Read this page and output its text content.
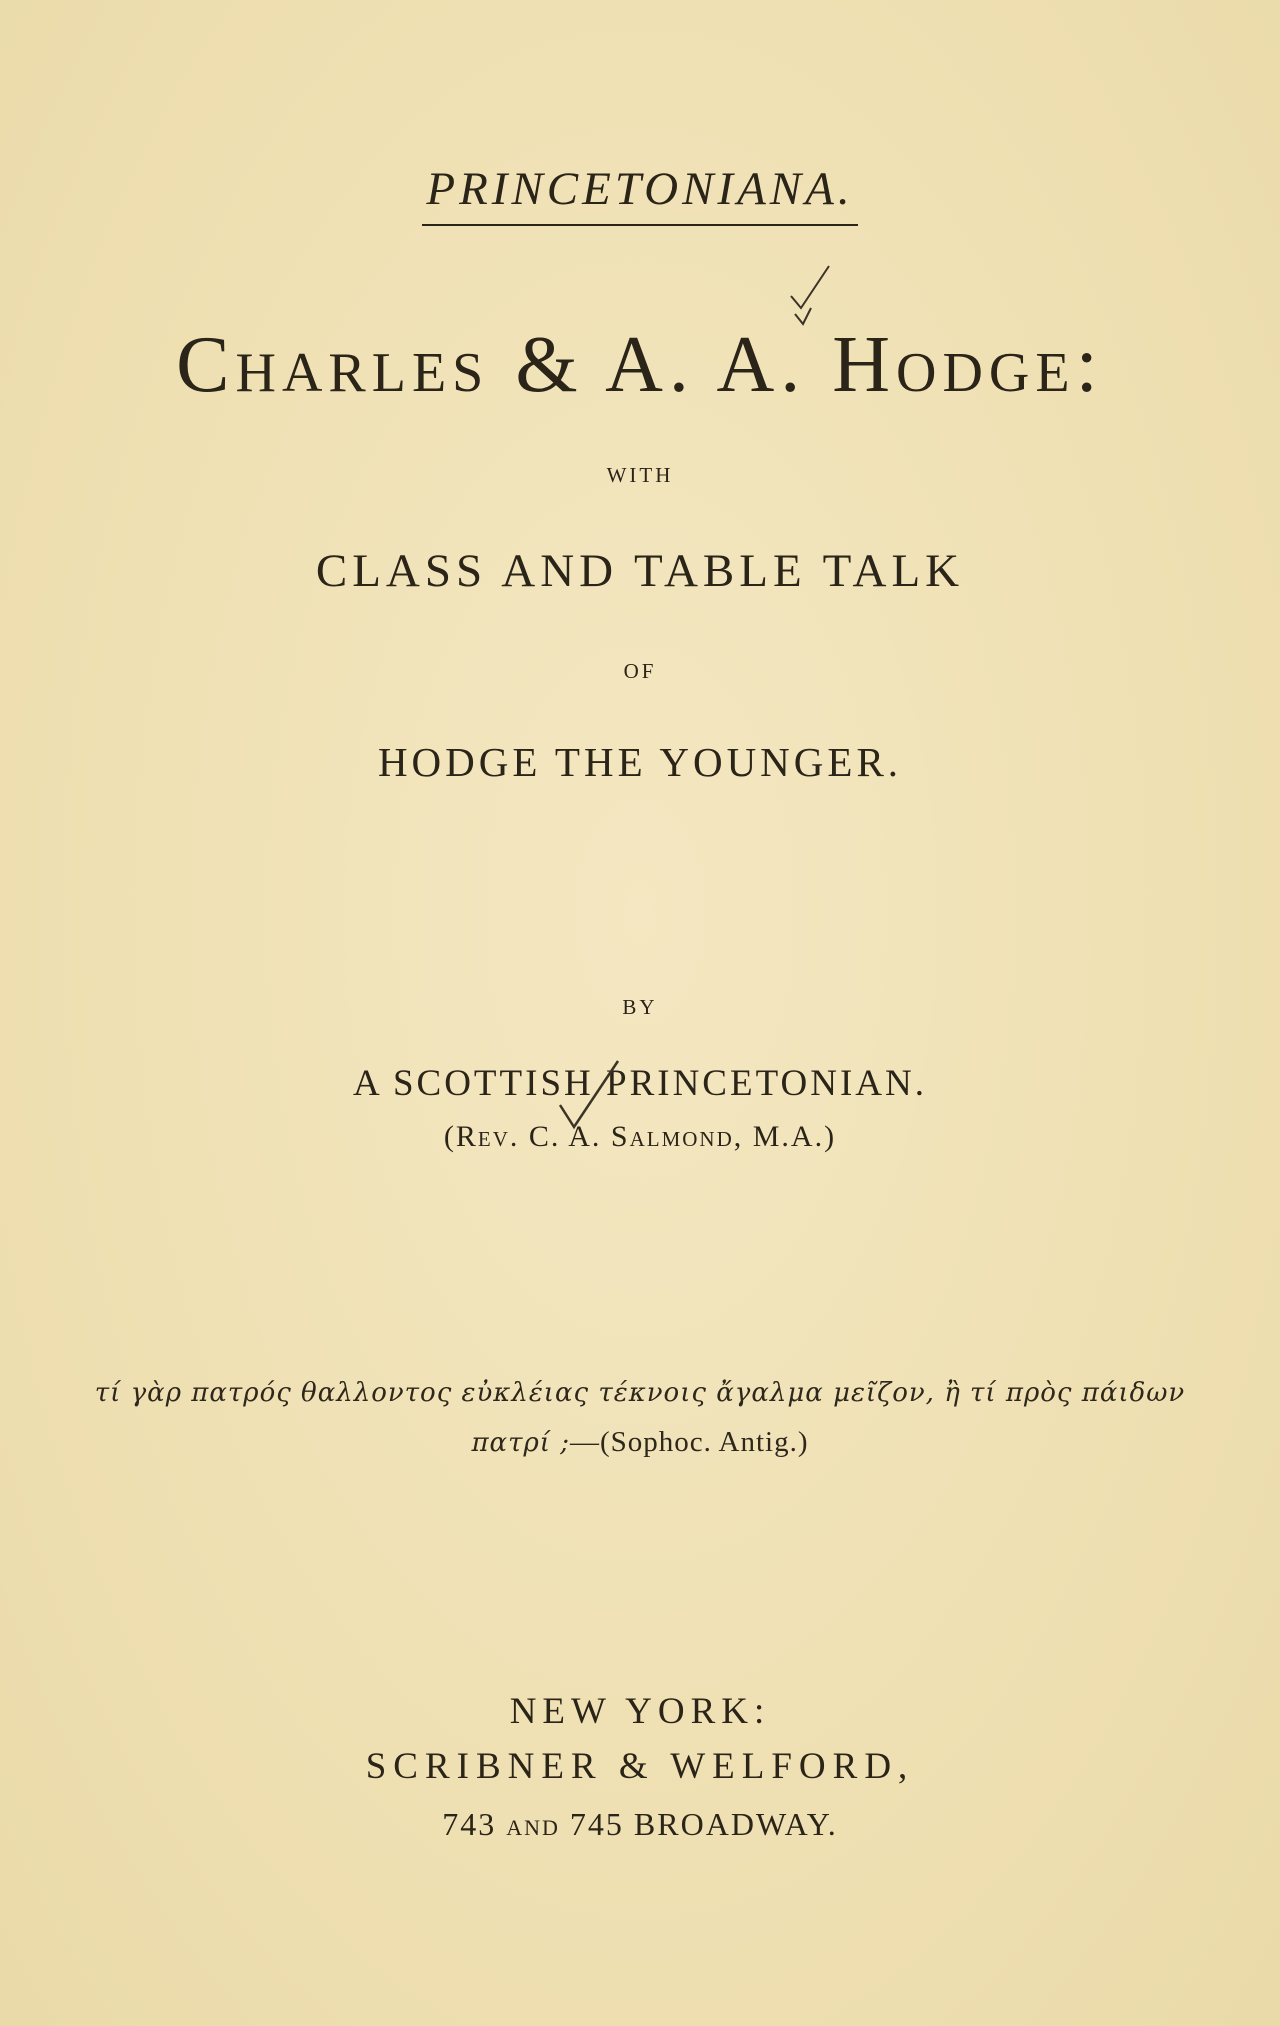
PRINCETONIANA.
Charles & A. A. Hodge:
WITH
CLASS AND TABLE TALK
OF
HODGE THE YOUNGER.
BY
A SCOTTISH PRINCETONIAN.
(Rev. C. A. Salmond, M.A.)
τί γὰρ πατρός θαλλοντος εὐκλέιας τέκνοις ἄγαλμα μεῖζον, ἢ τί πρὸς πάιδων
πατρί ;—(Sophoc. Antig.)
NEW YORK:
SCRIBNER & WELFORD,
743 AND 745 BROADWAY.
